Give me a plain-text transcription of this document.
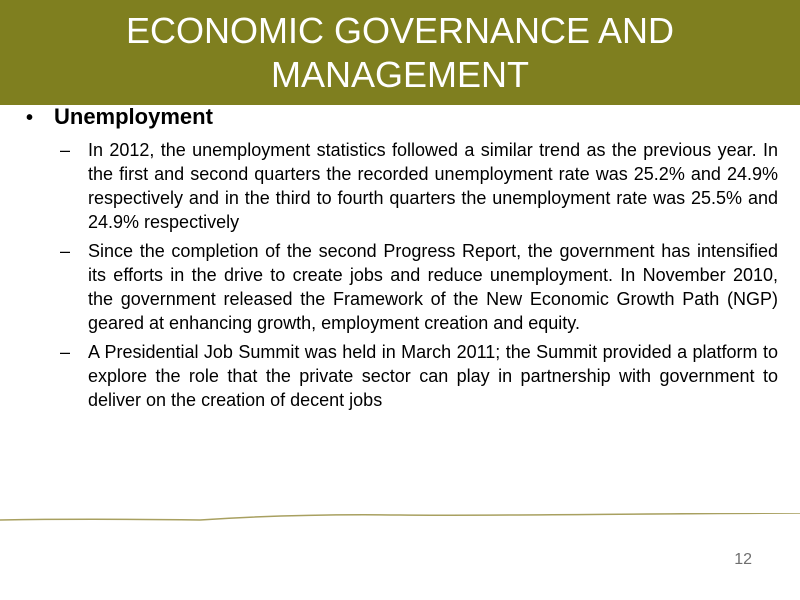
ECONOMIC GOVERNANCE AND MANAGEMENT
• Unemployment
– In 2012, the unemployment statistics followed a similar trend as the previous year. In the first and second quarters the recorded unemployment rate was 25.2% and 24.9% respectively and in the third to fourth quarters the unemployment rate was 25.5% and 24.9% respectively
– Since the completion of the second Progress Report, the government has intensified its efforts in the drive to create jobs and reduce unemployment. In November 2010, the government released the Framework of the New Economic Growth Path (NGP) geared at enhancing growth, employment creation and equity.
– A Presidential Job Summit was held in March 2011; the Summit provided a platform to explore the role that the private sector can play in partnership with government to deliver on the creation of decent jobs
12
